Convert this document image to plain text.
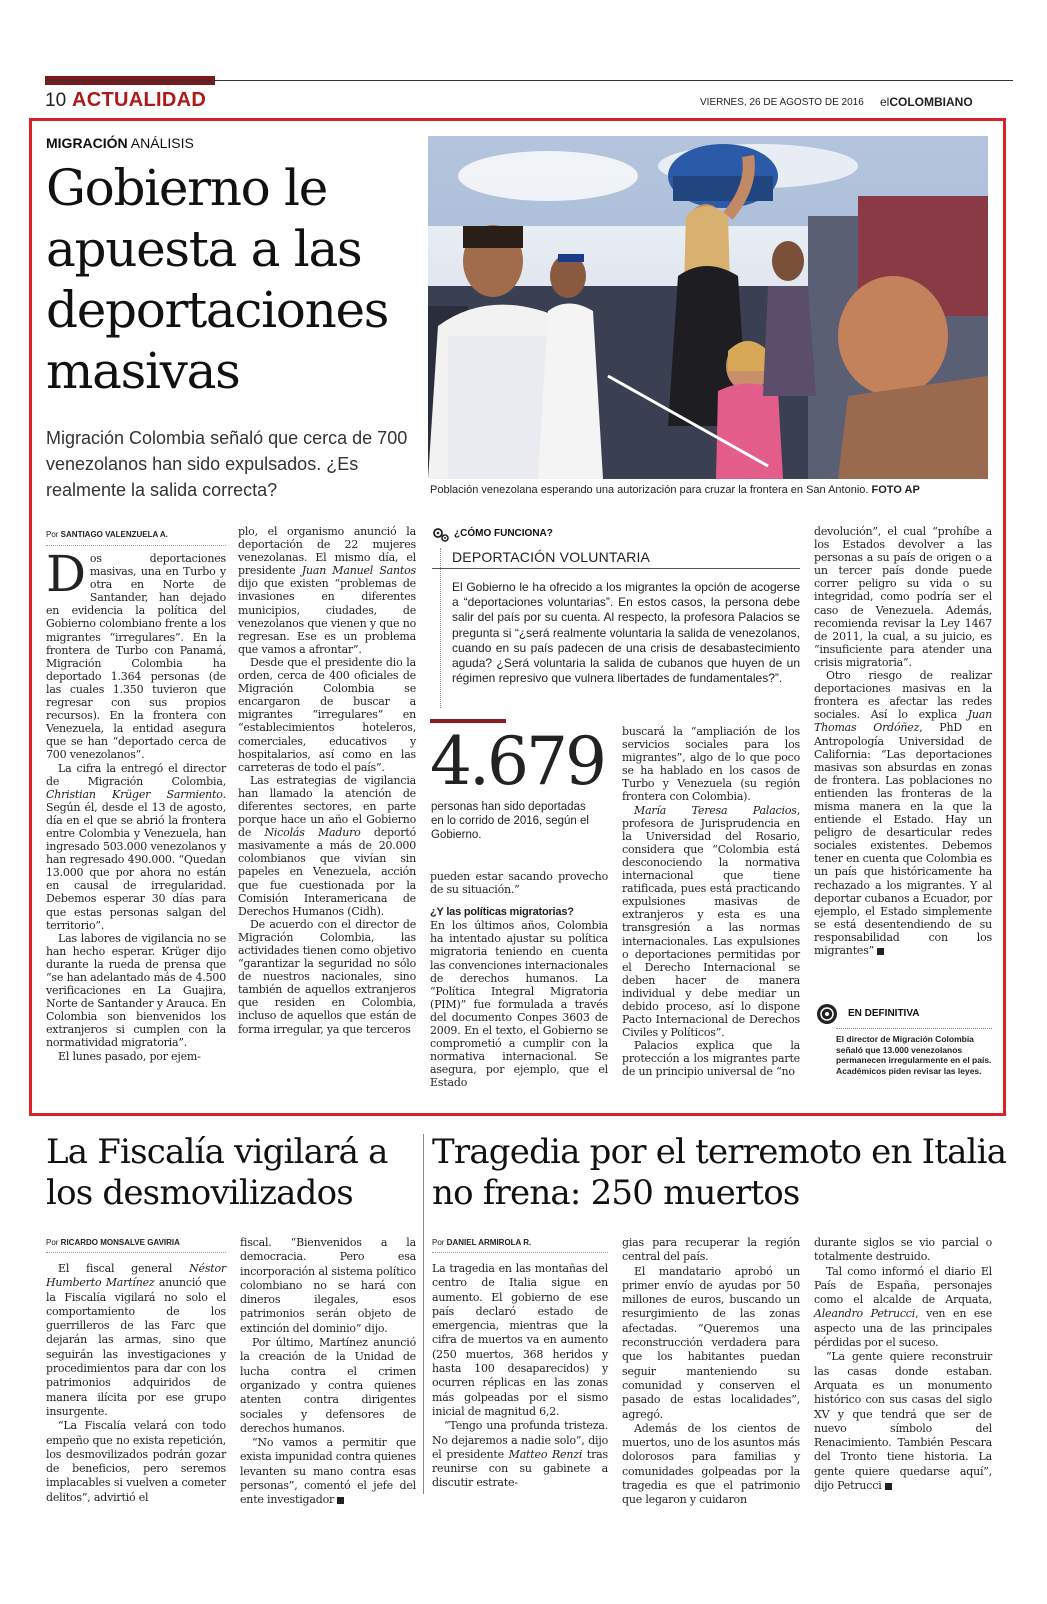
10 ACTUALIDAD	VIERNES, 26 DE AGOSTO DE 2016 elCOLOMBIANO
MIGRACIÓN ANÁLISIS
Gobierno le apuesta a las deportaciones masivas
Migración Colombia señaló que cerca de 700 venezolanos han sido expulsados. ¿Es realmente la salida correcta?	Población venezolana esperando una autorización para cruzar la frontera en San Antonio. FOTO AP
Por SANTIAGO VALENZUELA A.

Dos deportaciones masivas, una en Turbo y otra en Norte de Santander, han dejado en evidencia la política del Gobierno colombiano frente a los migrantes “irregulares”. En la frontera de Turbo con Panamá, Migración Colombia ha deportado 1.364 personas (de las cuales 1.350 tuvieron que regresar con sus propios recursos). En la frontera con Venezuela, la entidad asegura que se han “deportado cerca de 700 venezolanos”.

La cifra la entregó el director de Migración Colombia, Christian Krüger Sarmiento. Según él, desde el 13 de agosto, día en el que se abrió la frontera entre Colombia y Venezuela, han ingresado 503.000 venezolanos y han regresado 490.000. “Quedan 13.000 que por ahora no están en causal de irregularidad. Debemos esperar 30 días para que estas personas salgan del territorio”.

Las labores de vigilancia no se han hecho esperar. Krüger dijo durante la rueda de prensa que “se han adelantado más de 4.500 verificaciones en La Guajira, Norte de Santander y Arauca. En Colombia son bienvenidos los extranjeros si cumplen con la normatividad migratoria”.

El lunes pasado, por ejem-

plo, el organismo anunció la deportación de 22 mujeres venezolanas. El mismo día, el presidente Juan Manuel Santos dijo que existen “problemas de invasiones en diferentes municipios, ciudades, de venezolanos que vienen y que no regresan. Ese es un problema que vamos a afrontar”.

Desde que el presidente dio la orden, cerca de 400 oficiales de Migración Colombia se encargaron de buscar a migrantes “irregulares” en “establecimientos hoteleros, comerciales, educativos y hospitalarios, así como en las carreteras de todo el país”.

Las estrategias de vigilancia han llamado la atención de diferentes sectores, en parte porque hace un año el Gobierno de Nicolás Maduro deportó masivamente a más de 20.000 colombianos que vivían sin papeles en Venezuela, acción que fue cuestionada por la Comisión Interamericana de Derechos Humanos (Cidh).

De acuerdo con el director de Migración Colombia, las actividades tienen como objetivo “garantizar la seguridad no sólo de nuestros nacionales, sino también de aquellos extranjeros que residen en Colombia, incluso de aquellos que están de forma irregular, ya que terceros

¿CÓMO FUNCIONA?
DEPORTACIÓN VOLUNTARIA
El Gobierno le ha ofrecido a los migrantes la opción de acogerse a “deportaciones voluntarias”. En estos casos, la persona debe salir del país por su cuenta. Al respecto, la profesora Palacios se pregunta si “¿será realmente voluntaria la salida de venezolanos, cuando en su país padecen de una crisis de desabastecimiento aguda? ¿Será voluntaria la salida de cubanos que huyen de un régimen represivo que vulnera libertades de fundamentales?”.
4.679
personas han sido deportadas en lo corrido de 2016, según el Gobierno.

pueden estar sacando provecho de su situación.”

¿Y las políticas migratorias?

En los últimos años, Colombia ha intentado ajustar su política migratoria teniendo en cuenta las convenciones internacionales de derechos humanos. La “Política Integral Migratoria (PIM)” fue formulada a través del documento Conpes 3603 de 2009. En el texto, el Gobierno se comprometió a cumplir con la normativa internacional. Se asegura, por ejemplo, que el Estado

buscará la “ampliación de los servicios sociales para los migrantes”, algo de lo que poco se ha hablado en los casos de Turbo y Venezuela (su región frontera con Colombia).

María Teresa Palacios, profesora de Jurisprudencia en la Universidad del Rosario, considera que “Colombia está desconociendo la normativa internacional que tiene ratificada, pues está practicando expulsiones masivas de extranjeros y esta es una transgresión a las normas internacionales. Las expulsiones o deportaciones permitidas por el Derecho Internacional se deben hacer de manera individual y debe mediar un debido proceso, así lo dispone Pacto Internacional de Derechos Civiles y Políticos”.

Palacios explica que la protección a los migrantes parte de un principio universal de “no

devolución”, el cual “prohíbe a los Estados devolver a las personas a su país de origen o a un tercer país donde puede correr peligro su vida o su integridad, como podría ser el caso de Venezuela. Además, recomienda revisar la Ley 1467 de 2011, la cual, a su juicio, es “insuficiente para atender una crisis migratoria”.

Otro riesgo de realizar deportaciones masivas en la frontera es afectar las redes sociales. Así lo explica Juan Thomas Ordóñez, PhD en Antropología Universidad de California: “Las deportaciones masivas son absurdas en zonas de frontera. Las poblaciones no entienden las fronteras de la misma manera en la que la entiende el Estado. Hay un peligro de desarticular redes sociales existentes. Debemos tener en cuenta que Colombia es un país que históricamente ha rechazado a los migrantes. Y al deportar cubanos a Ecuador, por ejemplo, el Estado simplemente se está desentendiendo de su responsabilidad con los migrantes”

EN DEFINITIVA
El director de Migración Colombia señaló que 13.000 venezolanos permanecen irregularmente en el país. Académicos piden revisar las leyes.
La Fiscalía vigilará a los desmovilizados
Por RICARDO MONSALVE GAVIRIA

El fiscal general Néstor Humberto Martínez anunció que la Fiscalía vigilará no solo el comportamiento de los guerrilleros de las Farc que dejarán las armas, sino que seguirán las investigaciones y procedimientos para dar con los patrimonios adquiridos de manera ilícita por ese grupo insurgente.

“La Fiscalía velará con todo empeño que no exista repetición, los desmovilizados podrán gozar de beneficios, pero seremos implacables si vuelven a cometer delitos”, advirtió el

fiscal. “Bienvenidos a la democracia. Pero esa incorporación al sistema político colombiano no se hará con dineros ilegales, esos patrimonios serán objeto de extinción del dominio” dijo.

Por último, Martínez anunció la creación de la Unidad de lucha contra el crimen organizado y contra quienes atenten contra dirigentes sociales y defensores de derechos humanos.

“No vamos a permitir que exista impunidad contra quienes levanten su mano contra esas personas”, comentó el jefe del ente investigador

Tragedia por el terremoto en Italia no frena: 250 muertos
Por DANIEL ARMIROLA R.

La tragedia en las montañas del centro de Italia sigue en aumento. El gobierno de ese país declaró estado de emergencia, mientras que la cifra de muertos va en aumento (250 muertos, 368 heridos y hasta 100 desaparecidos) y ocurren réplicas en las zonas más golpeadas por el sismo inicial de magnitud 6,2.

“Tengo una profunda tristeza. No dejaremos a nadie solo”, dijo el presidente Matteo Renzi tras reunirse con su gabinete a discutir estrate-

gias para recuperar la región central del país.

El mandatario aprobó un primer envío de ayudas por 50 millones de euros, buscando un resurgimiento de las zonas afectadas. “Queremos una reconstrucción verdadera para que los habitantes puedan seguir manteniendo su comunidad y conserven el pasado de estas localidades”, agregó.

Además de los cientos de muertos, uno de los asuntos más dolorosos para familias y comunidades golpeadas por la tragedia es que el patrimonio que legaron y cuidaron

durante siglos se vio parcial o totalmente destruido.

Tal como informó el diario El País de España, personajes como el alcalde de Arquata, Aleandro Petrucci, ven en ese aspecto una de las principales pérdidas por el suceso.

“La gente quiere reconstruir las casas donde estaban. Arquata es un monumento histórico con sus casas del siglo XV y que tendrá que ser de nuevo símbolo del Renacimiento. También Pescara del Tronto tiene historia. La gente quiere quedarse aquí”, dijo Petrucci
